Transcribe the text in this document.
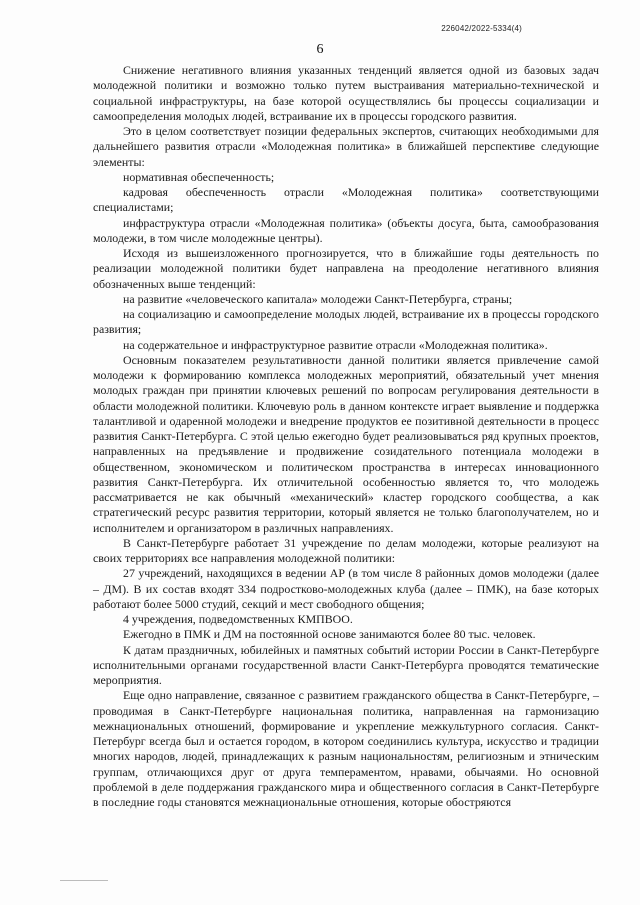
226042/2022-5334(4)
6

Снижение негативного влияния указанных тенденций является одной из базовых задач молодежной политики и возможно только путем выстраивания материально-технической и социальной инфраструктуры, на базе которой осуществлялись бы процессы социализации и самоопределения молодых людей, встраивание их в процессы городского развития.

Это в целом соответствует позиции федеральных экспертов, считающих необходимыми для дальнейшего развития отрасли «Молодежная политика» в ближайшей перспективе следующие элементы:

нормативная обеспеченность;

кадровая обеспеченность отрасли «Молодежная политика» соответствующими специалистами;

инфраструктура отрасли «Молодежная политика» (объекты досуга, быта, самообразования молодежи, в том числе молодежные центры).

Исходя из вышеизложенного прогнозируется, что в ближайшие годы деятельность по реализации молодежной политики будет направлена на преодоление негативного влияния обозначенных выше тенденций:

на развитие «человеческого капитала» молодежи Санкт-Петербурга, страны;

на социализацию и самоопределение молодых людей, встраивание их в процессы городского развития;

на содержательное и инфраструктурное развитие отрасли «Молодежная политика».

Основным показателем результативности данной политики является привлечение самой молодежи к формированию комплекса молодежных мероприятий, обязательный учет мнения молодых граждан при принятии ключевых решений по вопросам регулирования деятельности в области молодежной политики. Ключевую роль в данном контексте играет выявление и поддержка талантливой и одаренной молодежи и внедрение продуктов ее позитивной деятельности в процесс развития Санкт-Петербурга. С этой целью ежегодно будет реализовываться ряд крупных проектов, направленных на предъявление и продвижение созидательного потенциала молодежи в общественном, экономическом и политическом пространства в интересах инновационного развития Санкт-Петербурга. Их отличительной особенностью является то, что молодежь рассматривается не как обычный «механический» кластер городского сообщества, а как стратегический ресурс развития территории, который является не только благополучателем, но и исполнителем и организатором в различных направлениях.

В Санкт-Петербурге работает 31 учреждение по делам молодежи, которые реализуют на своих территориях все направления молодежной политики:

27 учреждений, находящихся в ведении АР (в том числе 8 районных домов молодежи (далее – ДМ). В их состав входят 334 подростково-молодежных клуба (далее – ПМК), на базе которых работают более 5000 студий, секций и мест свободного общения;

4 учреждения, подведомственных КМПВОО.

Ежегодно в ПМК и ДМ на постоянной основе занимаются более 80 тыс. человек.

К датам праздничных, юбилейных и памятных событий истории России в Санкт-Петербурге исполнительными органами государственной власти Санкт-Петербурга проводятся тематические мероприятия.

Еще одно направление, связанное с развитием гражданского общества в Санкт-Петербурге, – проводимая в Санкт-Петербурге национальная политика, направленная на гармонизацию межнациональных отношений, формирование и укрепление межкультурного согласия. Санкт-Петербург всегда был и остается городом, в котором соединились культура, искусство и традиции многих народов, людей, принадлежащих к разным национальностям, религиозным и этническим группам, отличающихся друг от друга темпераментом, нравами, обычаями. Но основной проблемой в деле поддержания гражданского мира и общественного согласия в Санкт-Петербурге в последние годы становятся межнациональные отношения, которые обостряются
